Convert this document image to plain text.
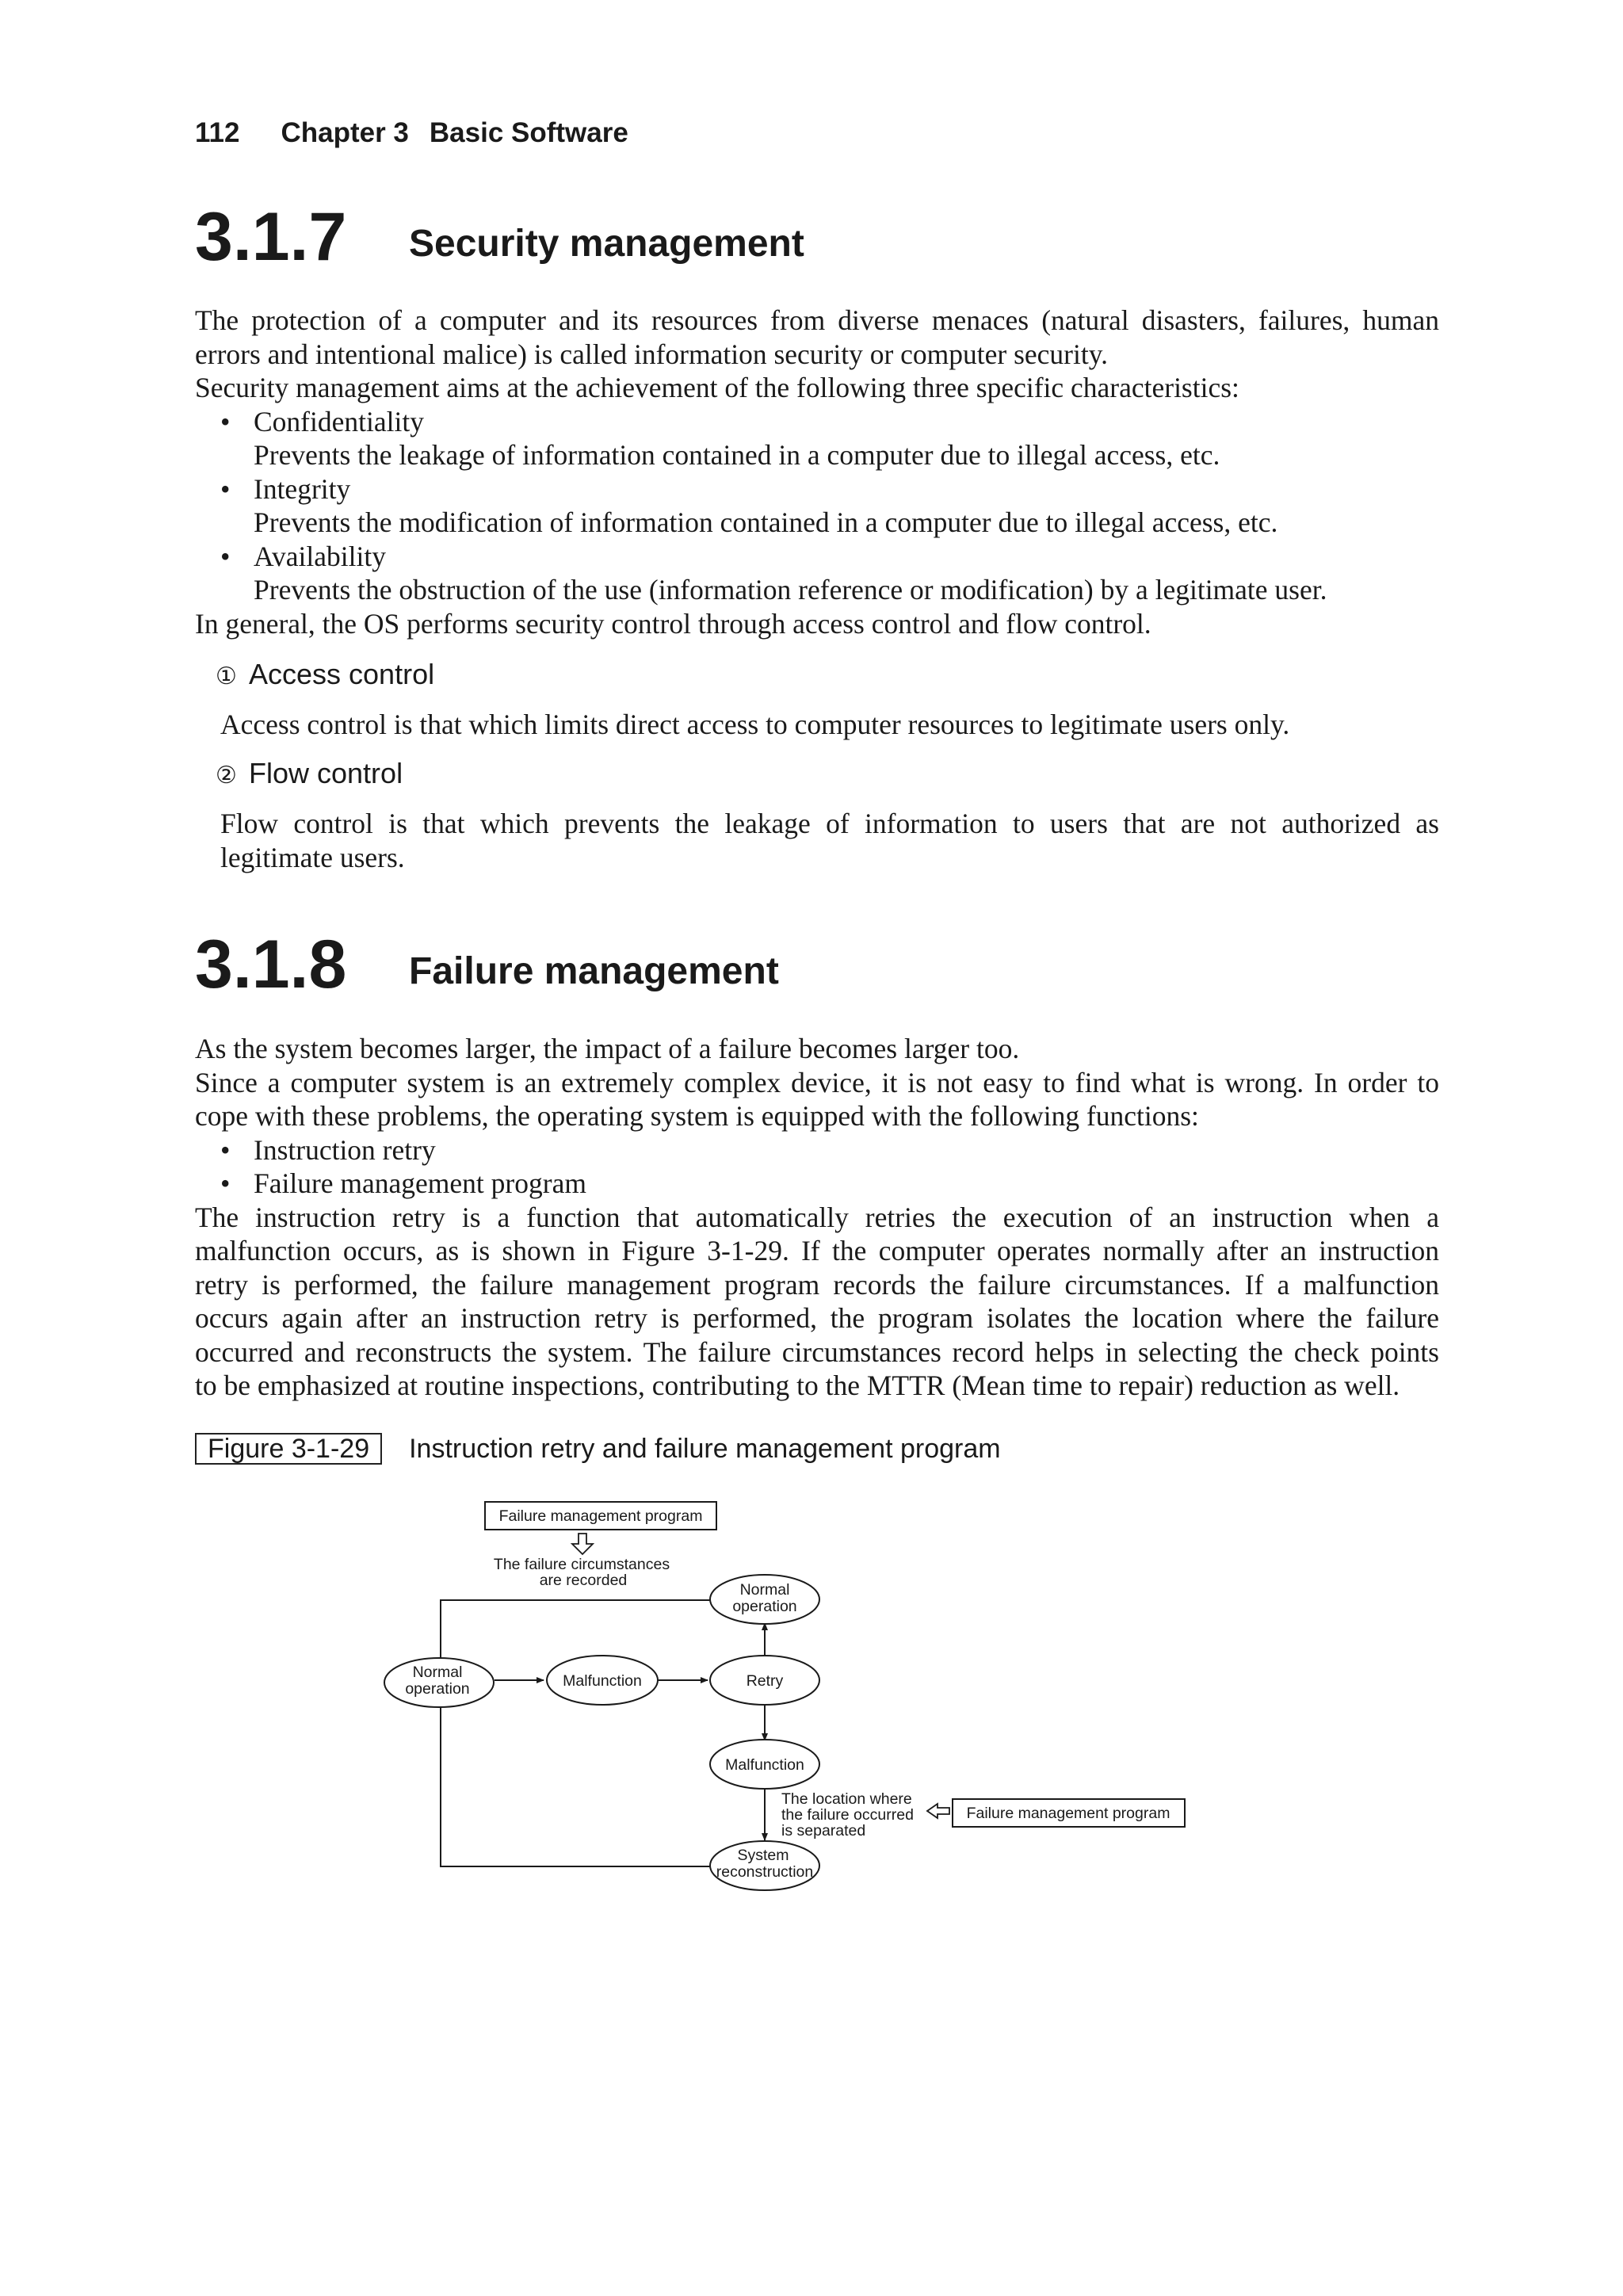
112 Chapter 3 Basic Software
3.1.7 Security management
The protection of a computer and its resources from diverse menaces (natural disasters, failures, human
errors and intentional malice) is called information security or computer security.
Security management aims at the achievement of the following three specific characteristics:
• Confidentiality
Prevents the leakage of information contained in a computer due to illegal access, etc.
• Integrity
Prevents the modification of information contained in a computer due to illegal access, etc.
• Availability
Prevents the obstruction of the use (information reference or modification) by a legitimate user.
In general, the OS performs security control through access control and flow control.
① Access control
Access control is that which limits direct access to computer resources to legitimate users only.
② Flow control
Flow control is that which prevents the leakage of information to users that are not authorized as
legitimate users.
3.1.8 Failure management
As the system becomes larger, the impact of a failure becomes larger too.
Since a computer system is an extremely complex device, it is not easy to find what is wrong. In order to
cope with these problems, the operating system is equipped with the following functions:
• Instruction retry
• Failure management program
The instruction retry is a function that automatically retries the execution of an instruction when a
malfunction occurs, as is shown in Figure 3-1-29. If the computer operates normally after an instruction
retry is performed, the failure management program records the failure circumstances. If a malfunction
occurs again after an instruction retry is performed, the program isolates the location where the failure
occurred and reconstructs the system. The failure circumstances record helps in selecting the check points
to be emphasized at routine inspections, contributing to the MTTR (Mean time to repair) reduction as well.
Figure 3-1-29 Instruction retry and failure management program
Failure management program
Failure management program
Normal
operation
Normal
operation	Malfunction	Retry
Malfunction
System
reconstruction
The failure circumstances
are recorded
The location where
the failure occurred
is separated
